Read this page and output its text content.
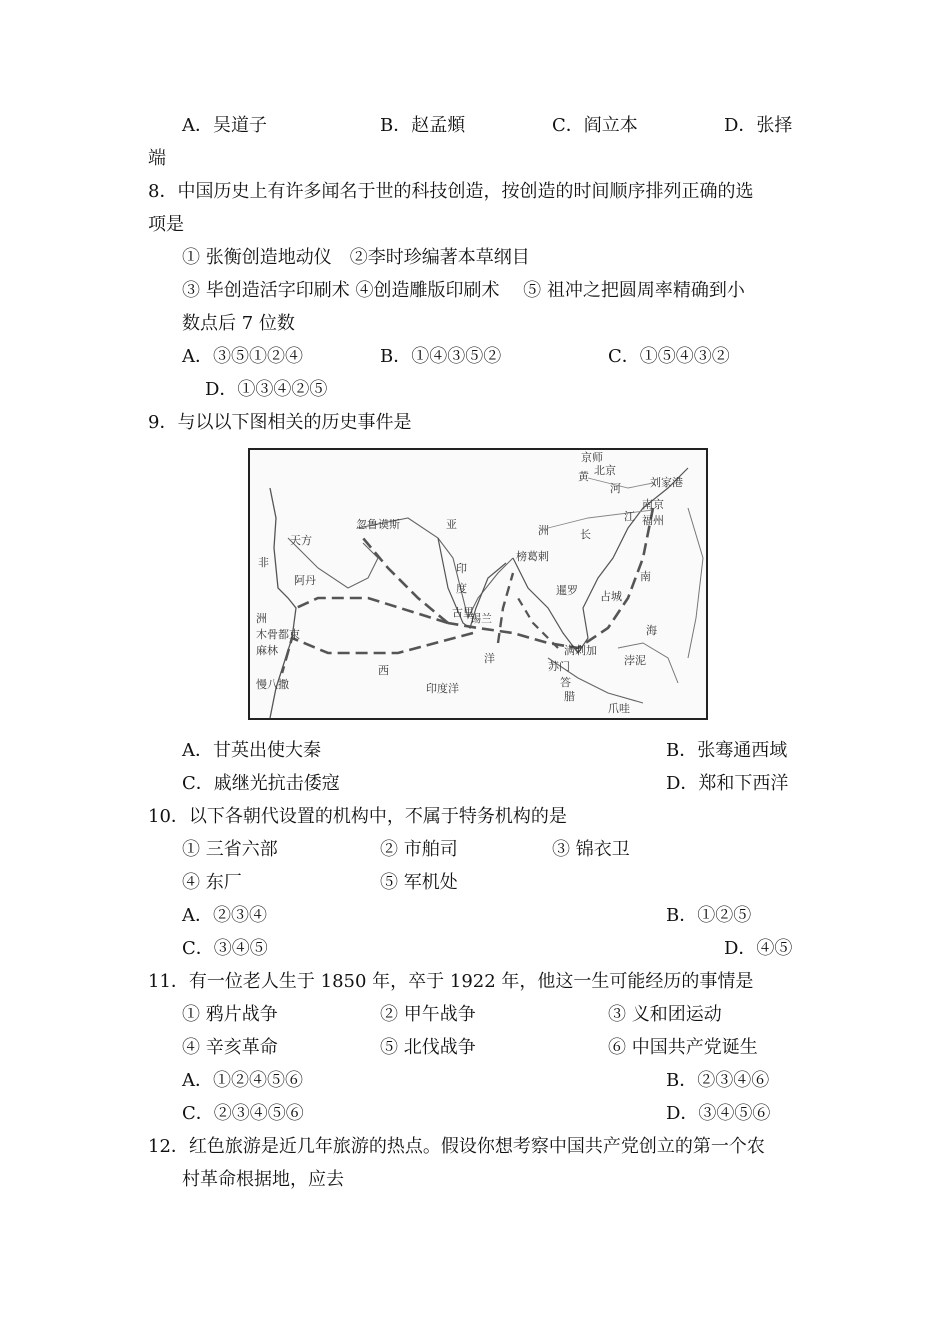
A．吴道子	B．赵孟頫	C．阎立本	D．张择
端
8．中国历史上有许多闻名于世的科技创造，按创造的时间顺序排列正确的选
项是
① 张衡创造地动仪　②李时珍编著本草纲目
③ 毕创造活字印刷术 ④创造雕版印刷术　 ⑤ 祖冲之把圆周率精确到小
数点后 7 位数
A．③⑤①②④	B．①④③⑤②	C．①⑤④③②
D．①③④②⑤
9．与以以下图相关的历史事件是
京师
北京
黄
河	刘家港
南京
江 福州
长
洲
亚
忽鲁谟斯
天方
非
阿丹
印
度
榜葛剌
暹罗 占城
南
海
古里
锡兰
满剌加
苏门
答
腊
洲
木骨都束
麻林
慢八撒
西
洋
印度洋
浡泥
爪哇
A．甘英出使大秦	B．张骞通西域
C．戚继光抗击倭寇	D．郑和下西洋
10．以下各朝代设置的机构中，不属于特务机构的是
① 三省六部	② 市舶司	③ 锦衣卫
④ 东厂	⑤ 军机处
A．②③④	B．①②⑤
C．③④⑤	D．④⑤
11．有一位老人生于 1850 年，卒于 1922 年，他这一生可能经历的事情是
① 鸦片战争	② 甲午战争	③ 义和团运动
④ 辛亥革命	⑤ 北伐战争	⑥ 中国共产党诞生
A．①②④⑤⑥	B．②③④⑥
C．②③④⑤⑥	D．③④⑤⑥
12．红色旅游是近几年旅游的热点。假设你想考察中国共产党创立的第一个农
村革命根据地，应去
